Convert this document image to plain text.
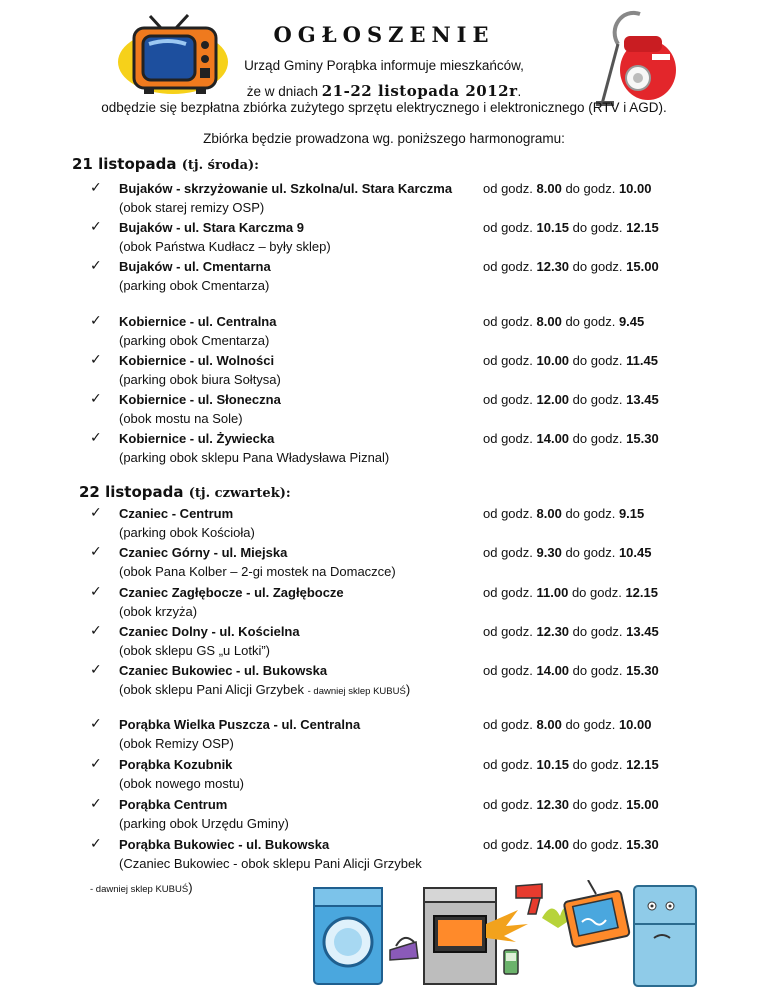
OGŁOSZENIE
Urząd Gminy Porąbka informuje mieszkańców,
że w dniach 21-22 listopada 2012r.
odbędzie się bezpłatna zbiórka zużytego sprzętu elektrycznego i elektronicznego (RTV i AGD).
Zbiórka będzie prowadzona wg. poniższego harmonogramu:
21 listopada (tj. środa):
✓ Bujaków - skrzyżowanie ul. Szkolna/ul. Stara Karczma
(obok starej remizy OSP)
od godz. 8.00 do godz. 10.00
✓ Bujaków - ul. Stara Karczma 9
(obok Państwa Kudłacz – były sklep)
od godz. 10.15 do godz. 12.15
✓ Bujaków - ul. Cmentarna
(parking obok Cmentarza)
od godz. 12.30 do godz. 15.00
✓ Kobiernice - ul. Centralna
(parking obok Cmentarza)
od godz. 8.00 do godz. 9.45
✓ Kobiernice - ul. Wolności
(parking obok biura Sołtysa)
od godz. 10.00 do godz. 11.45
✓ Kobiernice - ul. Słoneczna
(obok mostu na Sole)
od godz. 12.00 do godz. 13.45
✓ Kobiernice - ul. Żywiecka
(parking obok sklepu Pana Władysława Piznal)
od godz. 14.00 do godz. 15.30
22 listopada (tj. czwartek):
✓ Czaniec - Centrum
(parking obok Kościoła)
od godz. 8.00 do godz. 9.15
✓ Czaniec Górny - ul. Miejska
(obok Pana Kolber – 2-gi mostek na Domaczce)
od godz. 9.30 do godz. 10.45
✓ Czaniec Zagłębocze - ul. Zagłębocze
(obok krzyża)
od godz. 11.00 do godz. 12.15
✓ Czaniec Dolny - ul. Kościelna
(obok sklepu GS „u Lotki”)
od godz. 12.30 do godz. 13.45
✓ Czaniec Bukowiec - ul. Bukowska
(obok sklepu Pani Alicji Grzybek - dawniej sklep KUBUŚ)
od godz. 14.00 do godz. 15.30
✓ Porąbka Wielka Puszcza - ul. Centralna
(obok Remizy OSP)
od godz. 8.00 do godz. 10.00
✓ Porąbka Kozubnik
(obok nowego mostu)
od godz. 10.15 do godz. 12.15
✓ Porąbka Centrum
(parking obok Urzędu Gminy)
od godz. 12.30 do godz. 15.00
✓ Porąbka Bukowiec - ul. Bukowska
(Czaniec Bukowiec - obok sklepu Pani Alicji Grzybek
od godz. 14.00 do godz. 15.30
- dawniej sklep KUBUŚ)
